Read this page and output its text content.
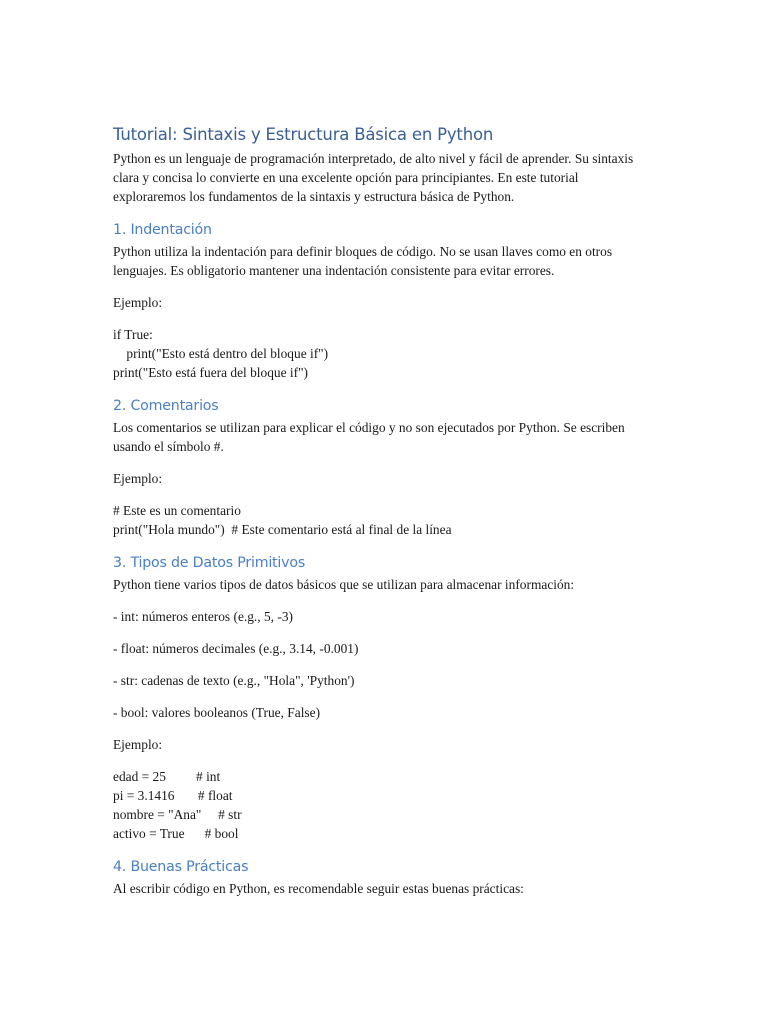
Tutorial: Sintaxis y Estructura Básica en Python

Python es un lenguaje de programación interpretado, de alto nivel y fácil de aprender. Su sintaxis clara y concisa lo convierte en una excelente opción para principiantes. En este tutorial exploraremos los fundamentos de la sintaxis y estructura básica de Python.

1. Indentación

Python utiliza la indentación para definir bloques de código. No se usan llaves como en otros lenguajes. Es obligatorio mantener una indentación consistente para evitar errores.

Ejemplo:

if True:
print("Esto está dentro del bloque if")
print("Esto está fuera del bloque if")
2. Comentarios

Los comentarios se utilizan para explicar el código y no son ejecutados por Python. Se escriben usando el símbolo #.

Ejemplo:

# Este es un comentario
print("Hola mundo")  # Este comentario está al final de la línea
3. Tipos de Datos Primitivos

Python tiene varios tipos de datos básicos que se utilizan para almacenar información:

- int: números enteros (e.g., 5, -3)

- float: números decimales (e.g., 3.14, -0.001)

- str: cadenas de texto (e.g., "Hola", 'Python')

- bool: valores booleanos (True, False)

Ejemplo:

edad = 25         # int
pi = 3.1416       # float
nombre = "Ana"     # str
activo = True      # bool
4. Buenas Prácticas

Al escribir código en Python, es recomendable seguir estas buenas prácticas:
